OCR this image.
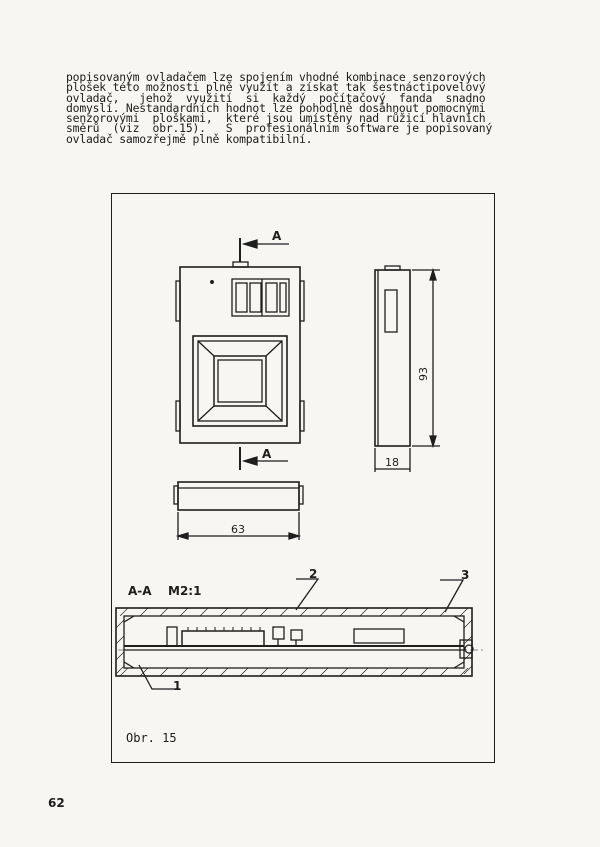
popisovaným ovladačem lze spojením vhodné kombinace senzorových
plošek této možnosti plně využít a získat tak šestnáctipovelový
ovladač,   jehož  využití  si  každý  počítačový  fanda  snadno
domyslí. Nestandardních hodnot lze pohodlně dosáhnout pomocnými
senzorovými  ploškami,  které jsou umístěny nad růžicí hlavních
směrů  (viz  obr.15).   S  profesionálním software je popisovaný
ovladač samozřejmě plně kompatibilní.
A
A
93
18
63
A-A M2:1
2	3
1
Obr. 15
62
